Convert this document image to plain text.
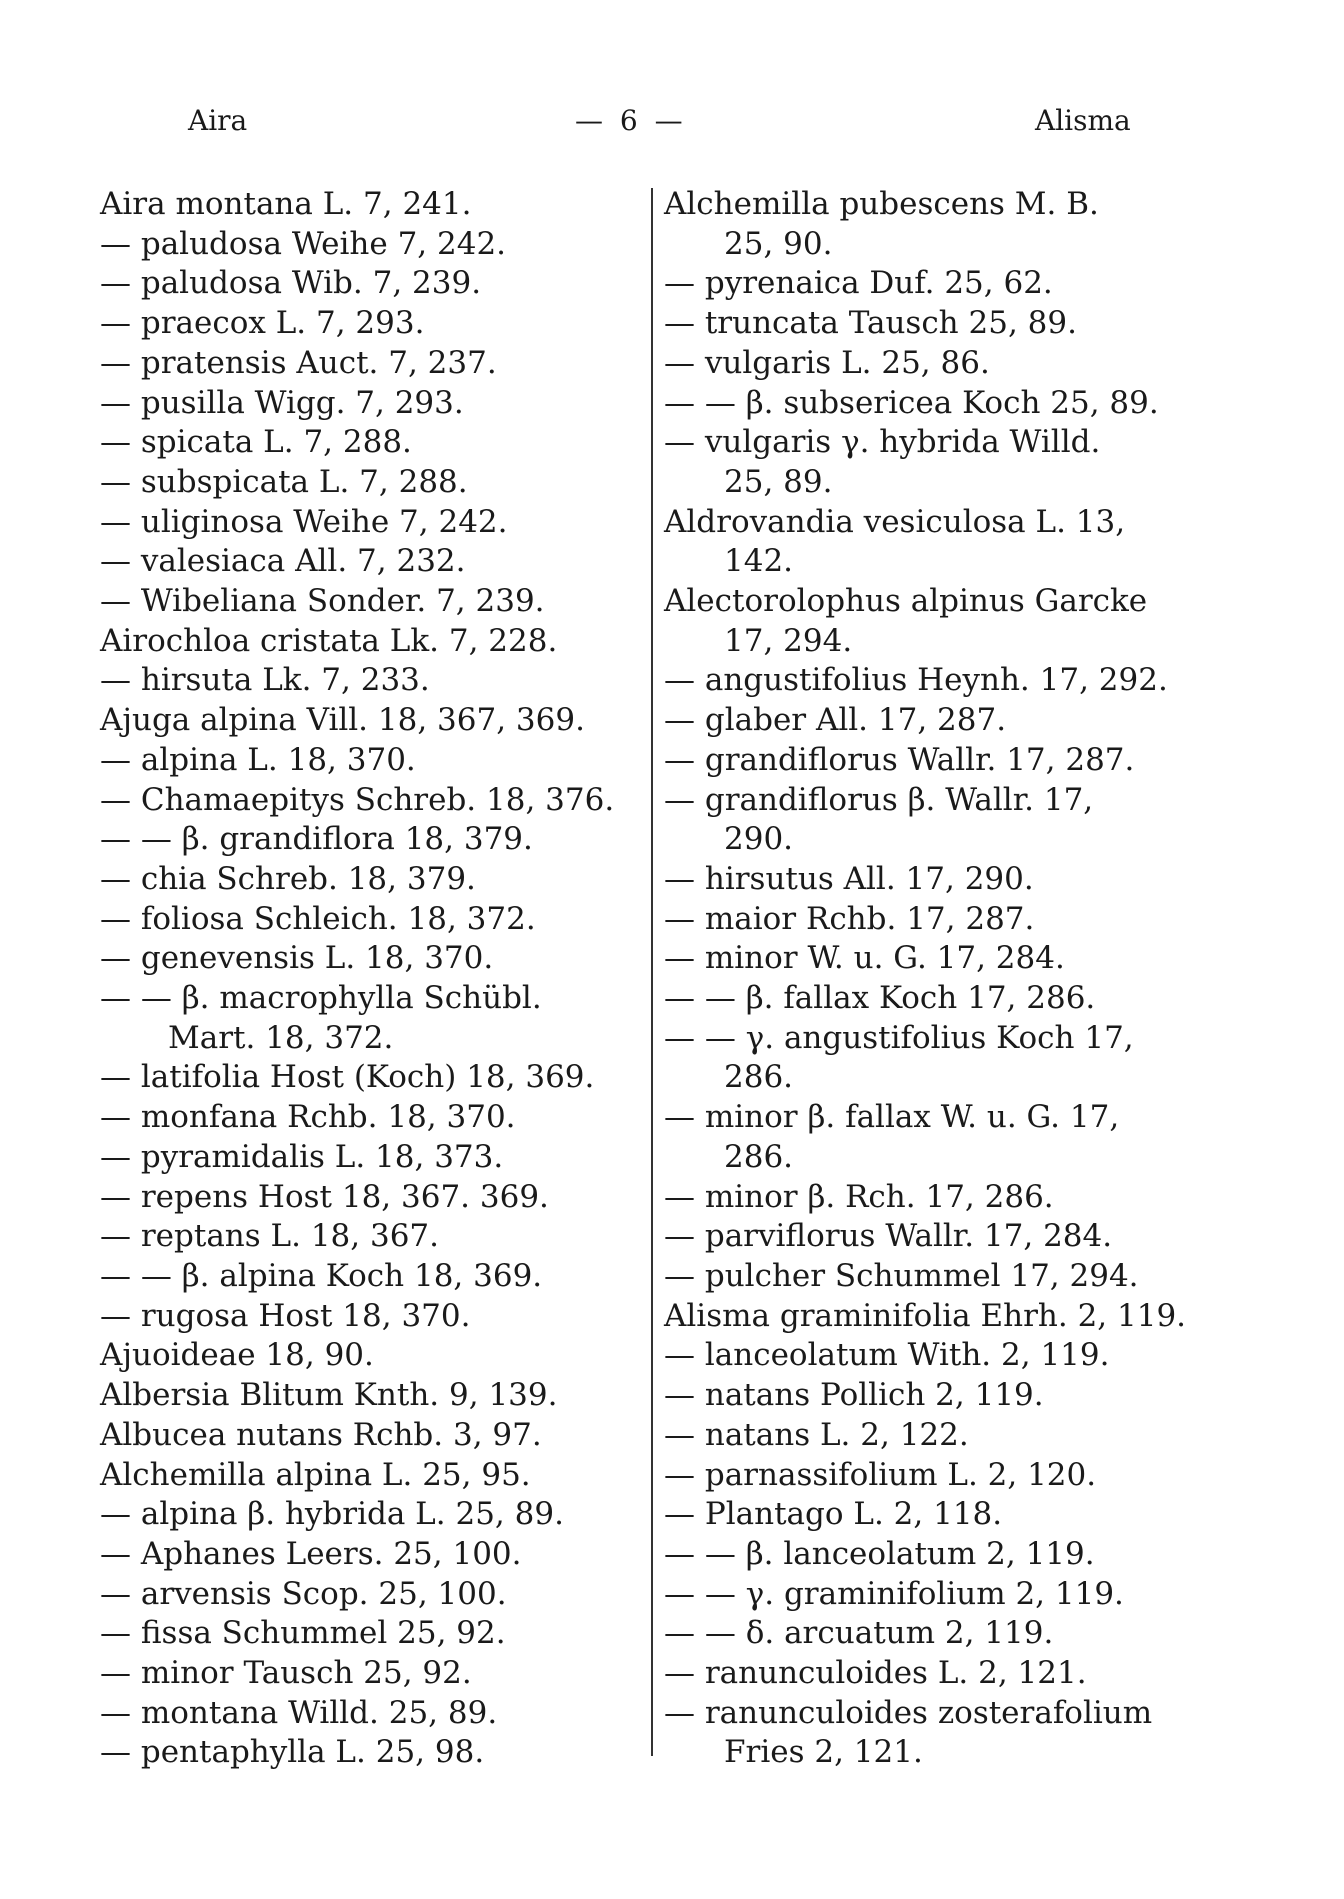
Aira	— 6 —	Alisma
Aira montana L. 7, 241.
— paludosa Weihe 7, 242.
— paludosa Wib. 7, 239.
— praecox L. 7, 293.
— pratensis Auct. 7, 237.
— pusilla Wigg. 7, 293.
— spicata L. 7, 288.
— subspicata L. 7, 288.
— uliginosa Weihe 7, 242.
— valesiaca All. 7, 232.
— Wibeliana Sonder. 7, 239.
Airochloa cristata Lk. 7, 228.
— hirsuta Lk. 7, 233.
Ajuga alpina Vill. 18, 367, 369.
— alpina L. 18, 370.
— Chamaepitys Schreb. 18, 376.
— — β. grandiflora 18, 379.
— chia Schreb. 18, 379.
— foliosa Schleich. 18, 372.
— genevensis L. 18, 370.
— — β. macrophylla Schübl.
Mart. 18, 372.
— latifolia Host (Koch) 18, 369.
— monfana Rchb. 18, 370.
— pyramidalis L. 18, 373.
— repens Host 18, 367. 369.
— reptans L. 18, 367.
— — β. alpina Koch 18, 369.
— rugosa Host 18, 370.
Ajuoideae 18, 90.
Albersia Blitum Knth. 9, 139.
Albucea nutans Rchb. 3, 97.
Alchemilla alpina L. 25, 95.
— alpina β. hybrida L. 25, 89.
— Aphanes Leers. 25, 100.
— arvensis Scop. 25, 100.
— fissa Schummel 25, 92.
— minor Tausch 25, 92.
— montana Willd. 25, 89.
— pentaphylla L. 25, 98.
Alchemilla pubescens M. B.
25, 90.
— pyrenaica Duf. 25, 62.
— truncata Tausch 25, 89.
— vulgaris L. 25, 86.
— — β. subsericea Koch 25, 89.
— vulgaris γ. hybrida Willd.
25, 89.
Aldrovandia vesiculosa L. 13,
142.
Alectorolophus alpinus Garcke
17, 294.
— angustifolius Heynh. 17, 292.
— glaber All. 17, 287.
— grandiflorus Wallr. 17, 287.
— grandiflorus β. Wallr. 17,
290.
— hirsutus All. 17, 290.
— maior Rchb. 17, 287.
— minor W. u. G. 17, 284.
— — β. fallax Koch 17, 286.
— — γ. angustifolius Koch 17,
286.
— minor β. fallax W. u. G. 17,
286.
— minor β. Rch. 17, 286.
— parviflorus Wallr. 17, 284.
— pulcher Schummel 17, 294.
Alisma graminifolia Ehrh. 2, 119.
— lanceolatum With. 2, 119.
— natans Pollich 2, 119.
— natans L. 2, 122.
— parnassifolium L. 2, 120.
— Plantago L. 2, 118.
— — β. lanceolatum 2, 119.
— — γ. graminifolium 2, 119.
— — δ. arcuatum 2, 119.
— ranunculoides L. 2, 121.
— ranunculoides zosterafolium
Fries 2, 121.
